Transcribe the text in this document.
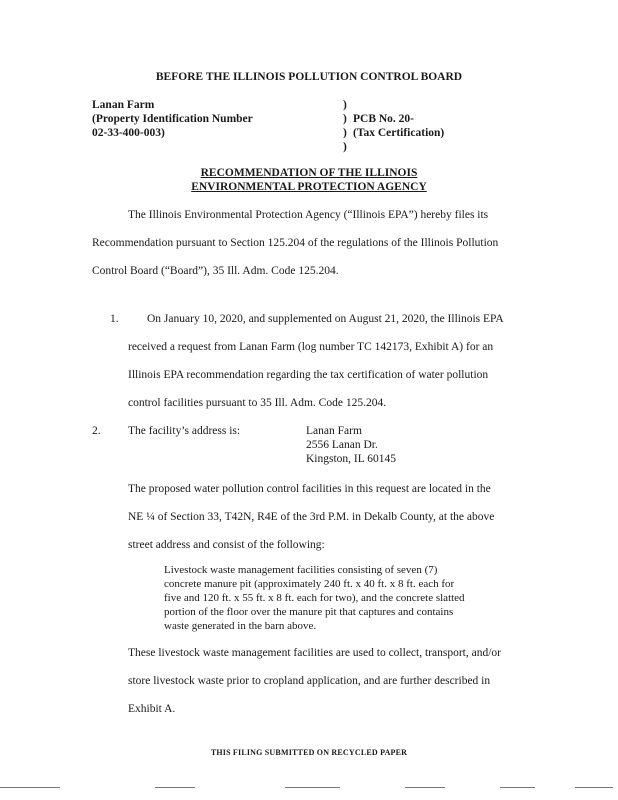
BEFORE THE ILLINOIS POLLUTION CONTROL BOARD
Lanan Farm
(Property Identification Number
02-33-400-003)
)
)
)
)
PCB No. 20-
(Tax Certification)
RECOMMENDATION OF THE ILLINOIS
ENVIRONMENTAL PROTECTION AGENCY
The Illinois Environmental Protection Agency (“Illinois EPA”) hereby files its
Recommendation pursuant to Section 125.204 of the regulations of the Illinois Pollution
Control Board (“Board”), 35 Ill. Adm. Code 125.204.
1. On January 10, 2020, and supplemented on August 21, 2020, the Illinois EPA
received a request from Lanan Farm (log number TC 142173, Exhibit A) for an
Illinois EPA recommendation regarding the tax certification of water pollution
control facilities pursuant to 35 Ill. Adm. Code 125.204.
2. The facility’s address is:	Lanan Farm
2556 Lanan Dr.
Kingston, IL 60145
The proposed water pollution control facilities in this request are located in the
NE ¼ of Section 33, T42N, R4E of the 3rd P.M. in Dekalb County, at the above
street address and consist of the following:
Livestock waste management facilities consisting of seven (7)
concrete manure pit (approximately 240 ft. x 40 ft. x 8 ft. each for
five and 120 ft. x 55 ft. x 8 ft. each for two), and the concrete slatted
portion of the floor over the manure pit that captures and contains
waste generated in the barn above.
These livestock waste management facilities are used to collect, transport, and/or
store livestock waste prior to cropland application, and are further described in
Exhibit A.
THIS FILING SUBMITTED ON RECYCLED PAPER
